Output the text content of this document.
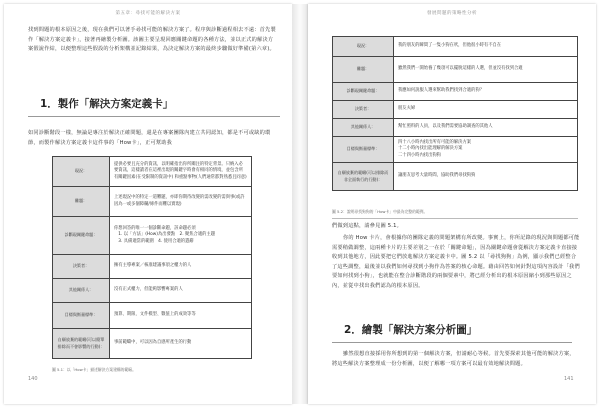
第五章：尋找可能的解決方案

找到問題的根本原因之後，現在我們可以著手尋找可能的解決方案了。程序與診斷過程相去不遠：首先製作「解決方案定義卡」，接著再繪製分析圖。該圖主要呈現回應關鍵命題的各種方法，並以正式的解決方案假說作結，以便整理這些假設的分析架構並記錄結果，為決定解決方案的最終步驟做好準備(第六章)。

1．製作「解決方案定義卡」

如同診斷階段一樣，無論是專注於解決正確問題，還是在專案團隊內建立共同認知，都是不可或缺的環節，而製作解決方案定義卡這件事的「How卡」，正可幫助我

現況：	提供必要且充分的資訊，以明確指出你所關注的特定背景。只納入必要資訊，這樣讀者在這裡出現的關鍵字時會有相同的情境，並包含所有關鍵因素(在受限制的資訊中) 和重點事物(人們通常都對熟悉且同意)
難題：	上述現況中的特定一道難題，亦即你期待改變的需改變的需與事(或許因為一或多個障礙/條件而難以實現)
診斷現關鍵命題：	你想回答的唯一一個診斷命題，該命題必須
　1. 以「方法」(How)為出發點　2. 聚焦合適的主題
　3. 具備適當的範圍　4. 使用合適的遣辭
決策者：	擁有主導專案／核准建議事項之權力的人
其他關係人：	沒有正式權力，但能夠影響專案的人
目標與衡量標準：	預算、期限、文件模型、數值上的成效等等
自願放棄的範疇(可以簡單排除而不會影響的行動)：	事前範疇中，可以因為自感所產生的行動

圖 5.1：以「How卡」描述解決方案建構的範疇。

140
發展問題的策略性分析
現況：	我的朋友的瞬間了一隻小狗在吠，但他很小時有不自在
難題：	雖然我們一開始養了幾項可以擺脫這樣的人選，但並沒有找到合適
診斷現關鍵命題：	我應如何說服人選來幫助我們找到合適的狗？
決策者：	朋友夫婦
其他關係人：	幫忙照料的人員，以及我們需要協助調查的其他人
目標與衡量標準：	四十八小時內找出所有可能的解決方案
十二小時內找出能理解的解決方案
二十四小時內找出狗狗
自願放棄的範疇(可以排除而非全面執行的行動)：	讓朋友思考大量時間，協助我們尋找狗狗

圖 5.2：說明尋找狗狗的「How卡」中最為完整的範例。

們做到這點，請參見圖 5.1。

你的 How 卡片，會根據你的團隊定義的問題架構有所改變。事實上，你所記錄的現況與問題都可能需要稍做調整，這兩種卡片的主要差別之一在於「關鍵命題」，因為關鍵命題會從解決方案定義卡直接接收到其他地方，因此要把它們放進解決方案定義卡中。圖 5.2 以「尋找狗狗」為例，顯示我們已經整合了這些調整，最後並以我們如何尋找到小狗作為答案的核心命題。藉由回答如何針對這項內容設計「我們要如何找到小狗」，也就能在整合診斷階段的兩個要素中，將已經分析出的根本原因縮小到那些原因之內，並從中找出我們認為的根本原因。

2．繪製「解決方案分析圖」

雖然很想直接採用你所想到的第一個解決方案，但請耐心等候。首先要探索其他可能的解決方案，將這些解決方案整理成一份分析圖，以便了解哪一項方案可以最有效地解決問題。

141
